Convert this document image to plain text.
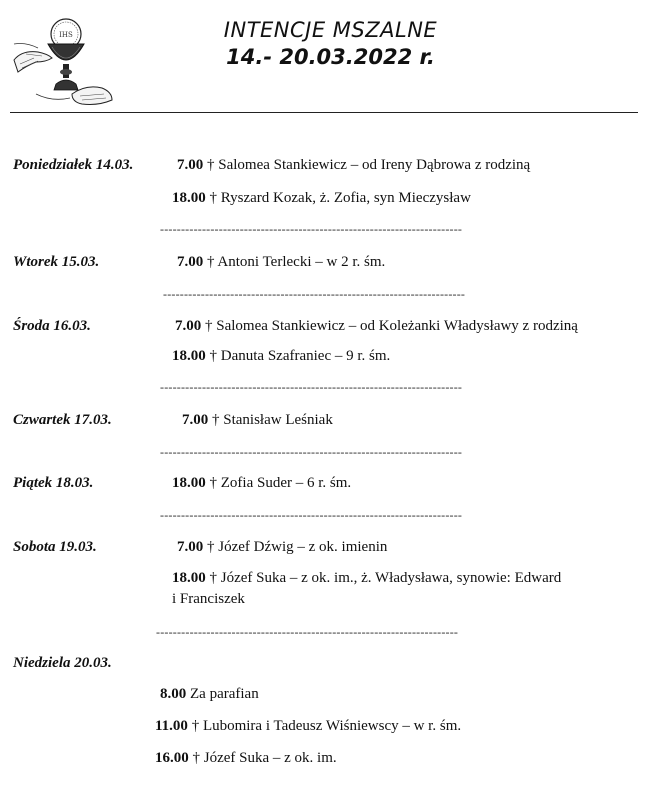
IHS	INTENCJE MSZALNE
14.- 20.03.2022 r.
Poniedziałek 14.03.	7.00 † Salomea Stankiewicz – od Ireny Dąbrowa z rodziną
18.00 † Ryszard Kozak, ż. Zofia, syn Mieczysław
------------------------------------------------------------------------
Wtorek 15.03.	7.00 † Antoni Terlecki – w 2 r. śm.
------------------------------------------------------------------------
Środa 16.03.	7.00 † Salomea Stankiewicz – od Koleżanki Władysławy z rodziną
18.00 † Danuta Szafraniec – 9 r. śm.
------------------------------------------------------------------------
Czwartek 17.03.	7.00 † Stanisław Leśniak
------------------------------------------------------------------------
Piątek 18.03.	18.00 † Zofia Suder – 6 r. śm.
------------------------------------------------------------------------
Sobota 19.03.	7.00 † Józef Dźwig – z ok. imienin
18.00 † Józef Suka – z ok. im., ż. Władysława, synowie: Edward
i Franciszek
------------------------------------------------------------------------
Niedziela 20.03.
8.00 Za parafian
11.00 † Lubomira i Tadeusz Wiśniewscy – w r. śm.
16.00 † Józef Suka – z ok. im.
